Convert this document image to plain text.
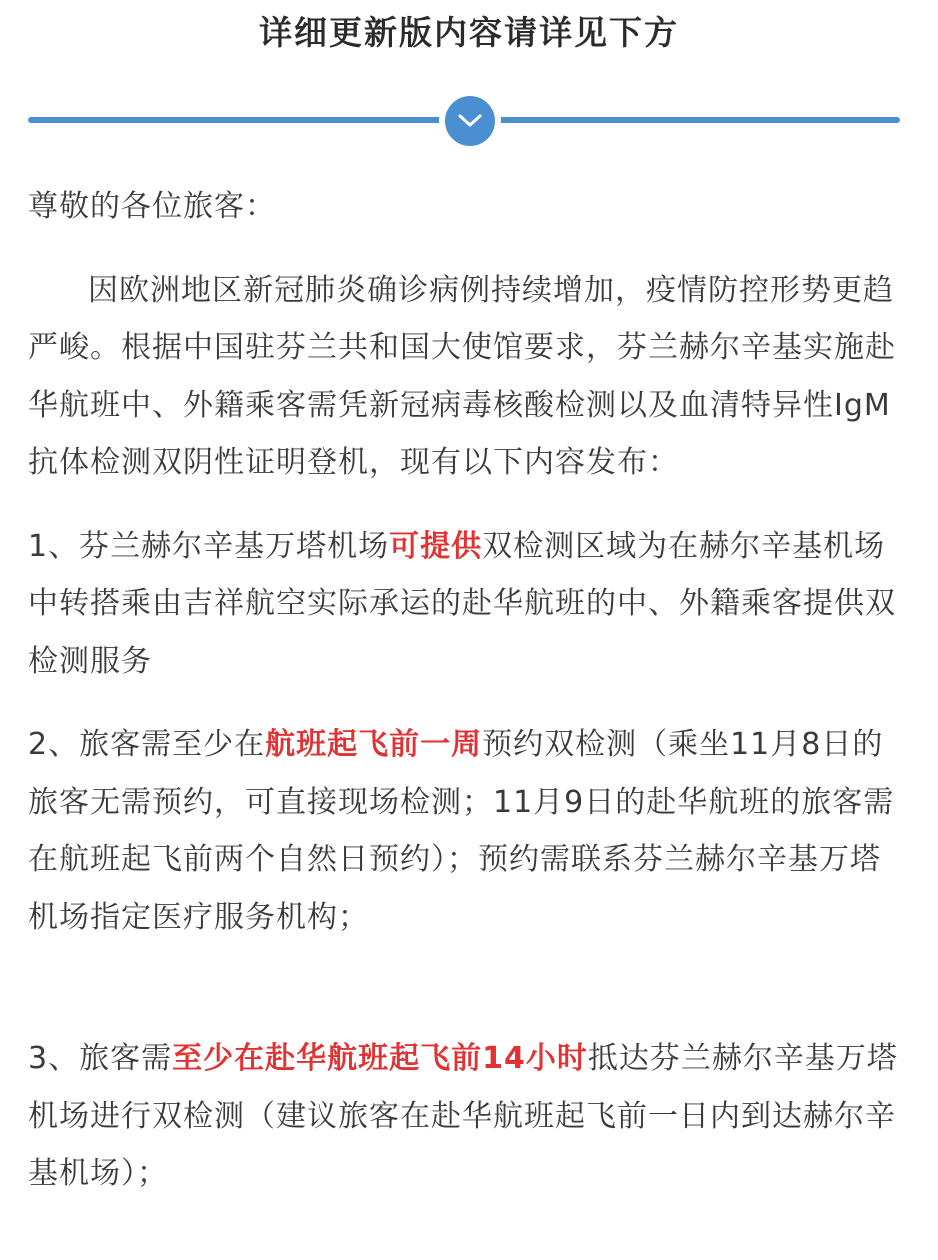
详细更新版内容请详见下方

尊敬的各位旅客：

因欧洲地区新冠肺炎确诊病例持续增加，疫情防控形势更趋严峻。根据中国驻芬兰共和国大使馆要求，芬兰赫尔辛基实施赴华航班中、外籍乘客需凭新冠病毒核酸检测以及血清特异性IgM抗体检测双阴性证明登机，现有以下内容发布：

1、芬兰赫尔辛基万塔机场可提供双检测区域为在赫尔辛基机场中转搭乘由吉祥航空实际承运的赴华航班的中、外籍乘客提供双检测服务

2、旅客需至少在航班起飞前一周预约双检测（乘坐11月8日的旅客无需预约，可直接现场检测；11月9日的赴华航班的旅客需在航班起飞前两个自然日预约）；预约需联系芬兰赫尔辛基万塔机场指定医疗服务机构；

3、旅客需至少在赴华航班起飞前14小时抵达芬兰赫尔辛基万塔机场进行双检测（建议旅客在赴华航班起飞前一日内到达赫尔辛基机场）；
